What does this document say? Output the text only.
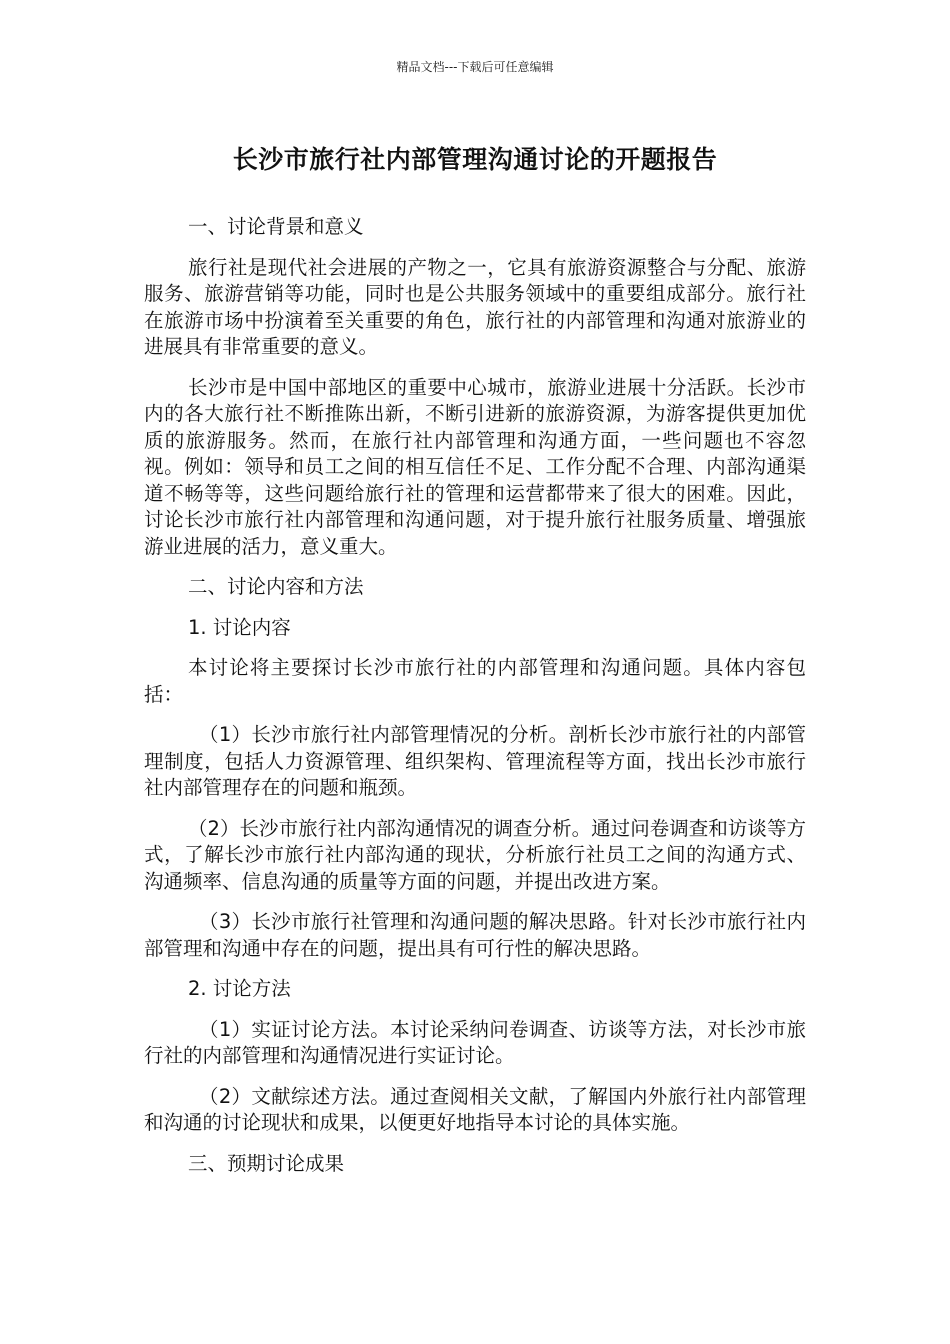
精品文档---下载后可任意编辑
长沙市旅行社内部管理沟通讨论的开题报告

一、讨论背景和意义

旅行社是现代社会进展的产物之一，它具有旅游资源整合与分配、旅游服务、旅游营销等功能，同时也是公共服务领域中的重要组成部分。旅行社在旅游市场中扮演着至关重要的角色，旅行社的内部管理和沟通对旅游业的进展具有非常重要的意义。

长沙市是中国中部地区的重要中心城市，旅游业进展十分活跃。长沙市内的各大旅行社不断推陈出新，不断引进新的旅游资源，为游客提供更加优质的旅游服务。然而，在旅行社内部管理和沟通方面，一些问题也不容忽视。例如：领导和员工之间的相互信任不足、工作分配不合理、内部沟通渠道不畅等等，这些问题给旅行社的管理和运营都带来了很大的困难。因此，讨论长沙市旅行社内部管理和沟通问题，对于提升旅行社服务质量、增强旅游业进展的活力，意义重大。

二、讨论内容和方法

1. 讨论内容

本讨论将主要探讨长沙市旅行社的内部管理和沟通问题。具体内容包括：

（1）长沙市旅行社内部管理情况的分析。剖析长沙市旅行社的内部管理制度，包括人力资源管理、组织架构、管理流程等方面，找出长沙市旅行社内部管理存在的问题和瓶颈。

（2）长沙市旅行社内部沟通情况的调查分析。通过问卷调查和访谈等方式，了解长沙市旅行社内部沟通的现状，分析旅行社员工之间的沟通方式、沟通频率、信息沟通的质量等方面的问题，并提出改进方案。

（3）长沙市旅行社管理和沟通问题的解决思路。针对长沙市旅行社内部管理和沟通中存在的问题，提出具有可行性的解决思路。

2. 讨论方法

（1）实证讨论方法。本讨论采纳问卷调查、访谈等方法，对长沙市旅行社的内部管理和沟通情况进行实证讨论。

（2）文献综述方法。通过查阅相关文献，了解国内外旅行社内部管理和沟通的讨论现状和成果，以便更好地指导本讨论的具体实施。

三、预期讨论成果
